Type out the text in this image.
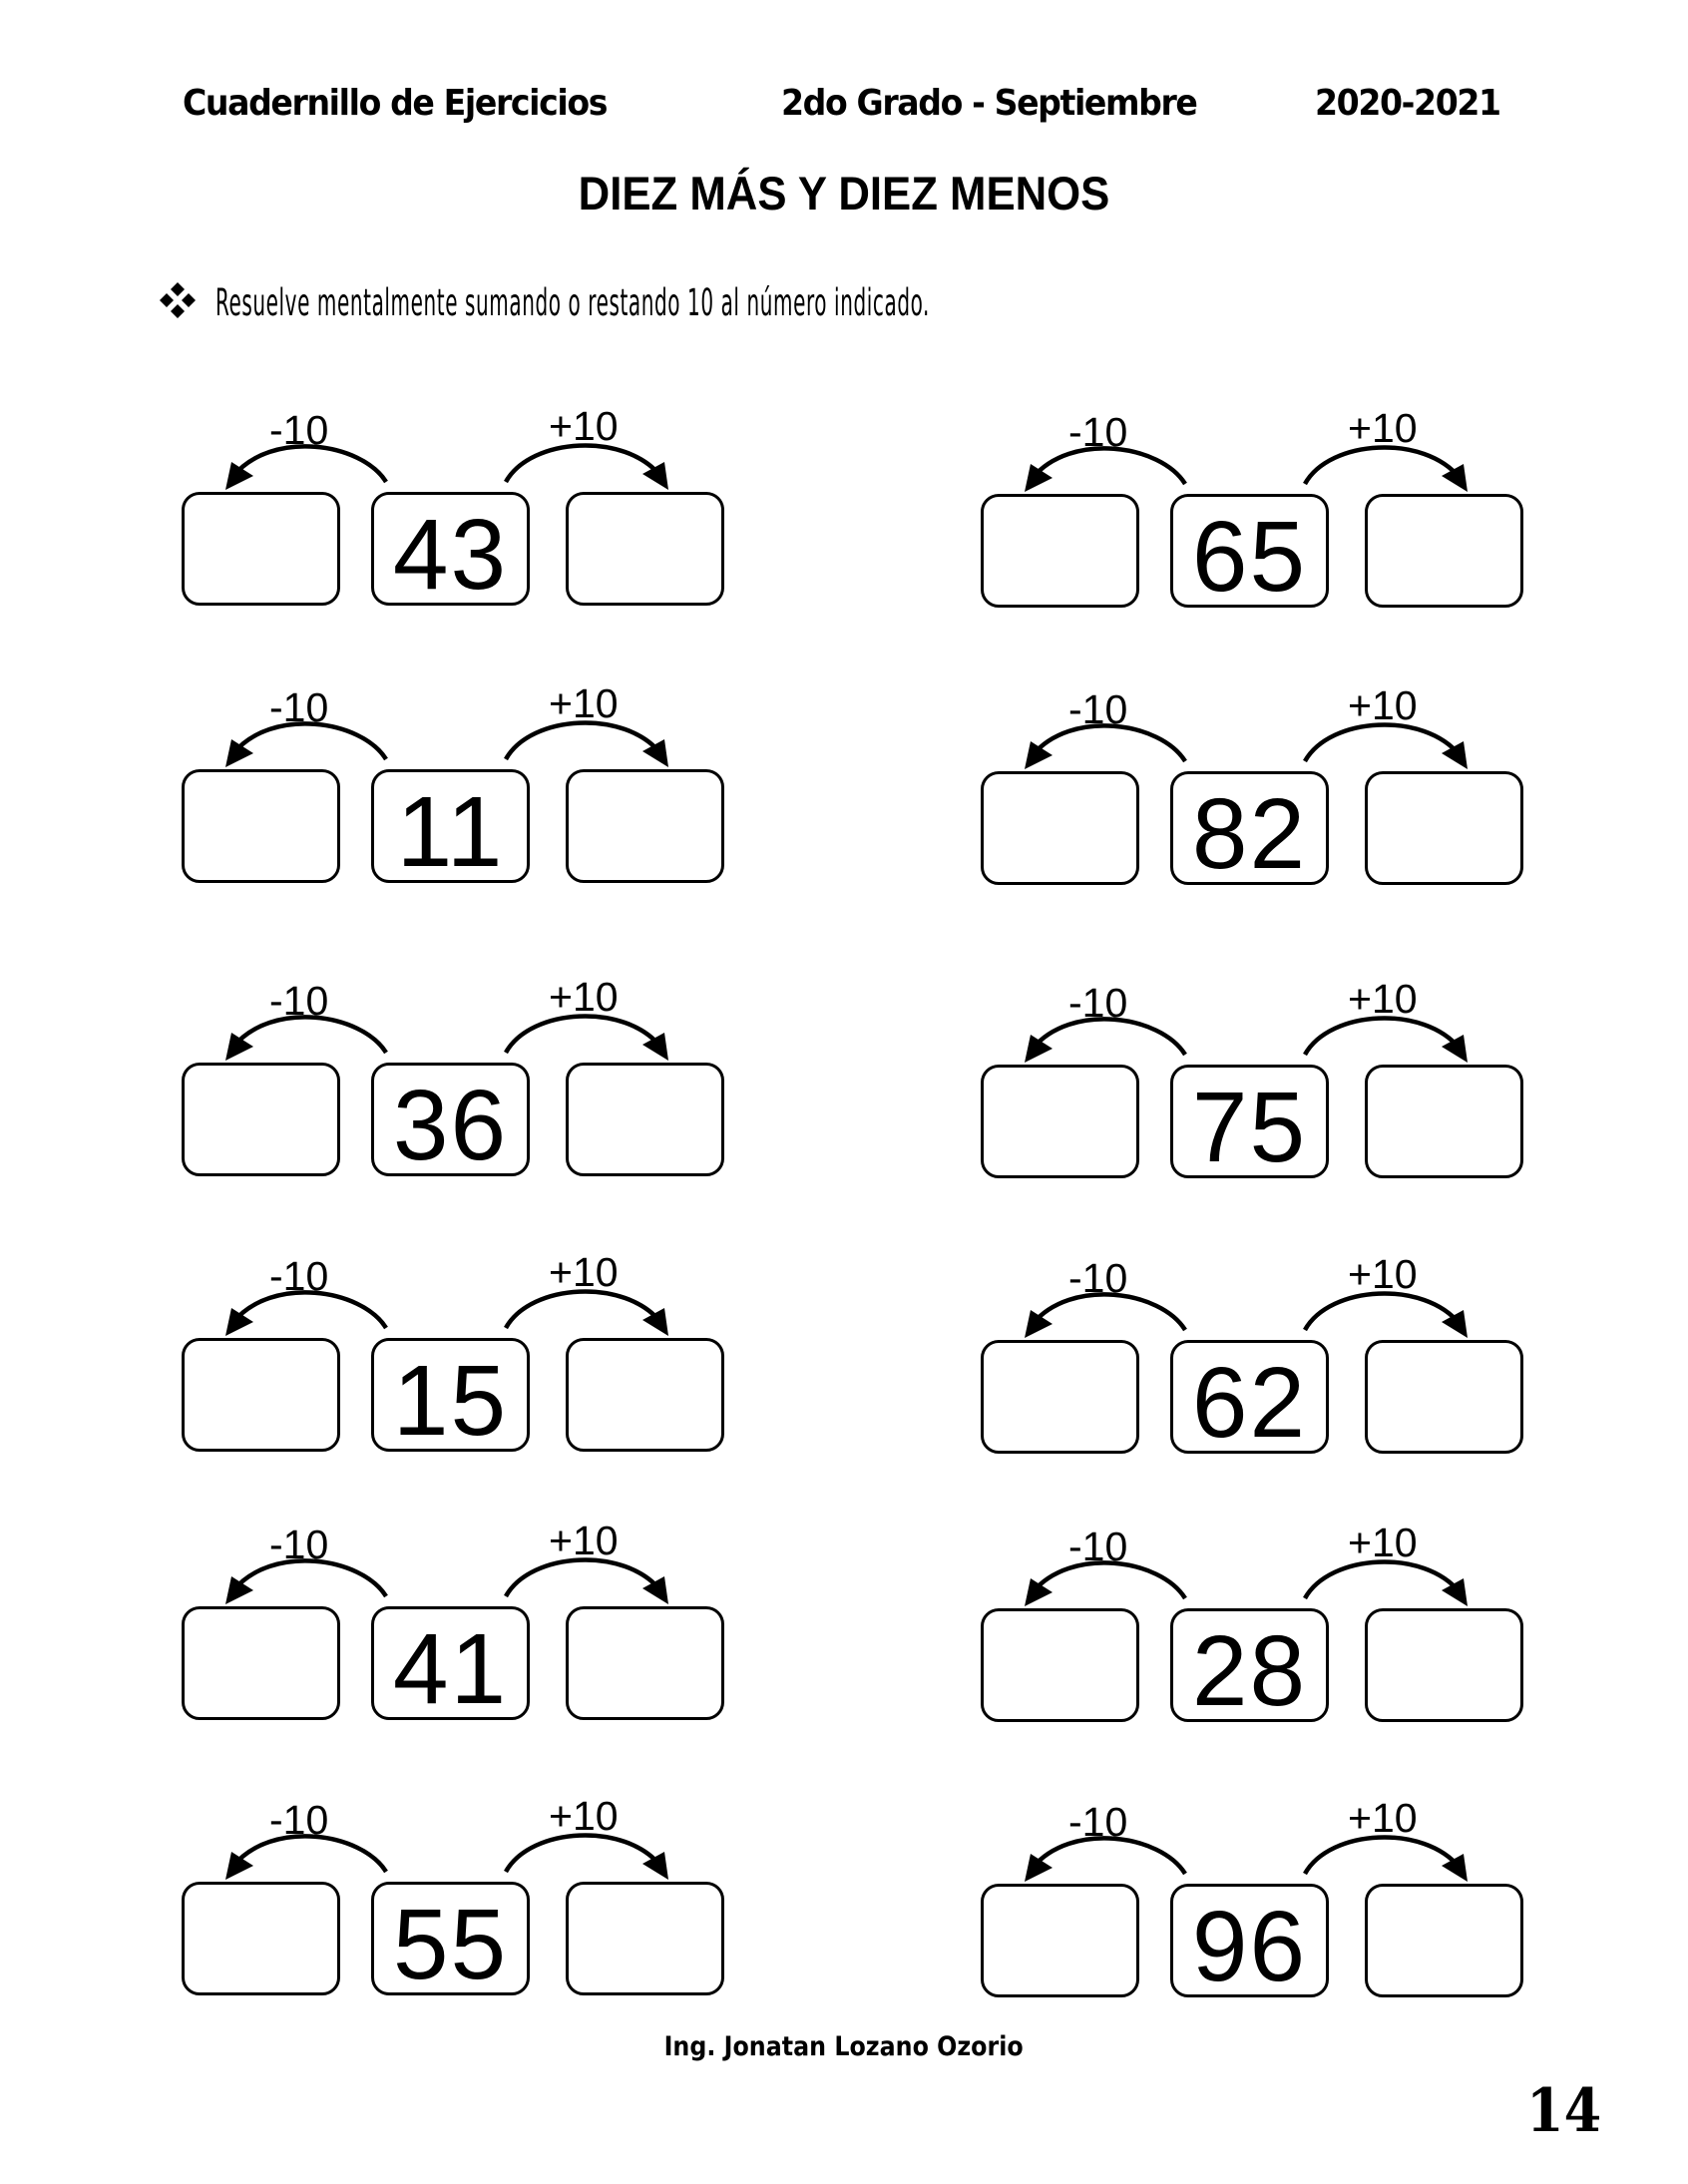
Cuadernillo de Ejercicios	2do Grado - Septiembre	2020-2021
DIEZ MÁS Y DIEZ MENOS
Resuelve mentalmente sumando o restando 10 al número indicado.
-10	+10
43
-10	+10
11
-10	+10
36
-10	+10
15
-10	+10
41
-10	+10
55
-10	+10
65
-10	+10
82
-10	+10
75
-10	+10
62
-10	+10
28
-10	+10
96
Ing. Jonatan Lozano Ozorio
14
